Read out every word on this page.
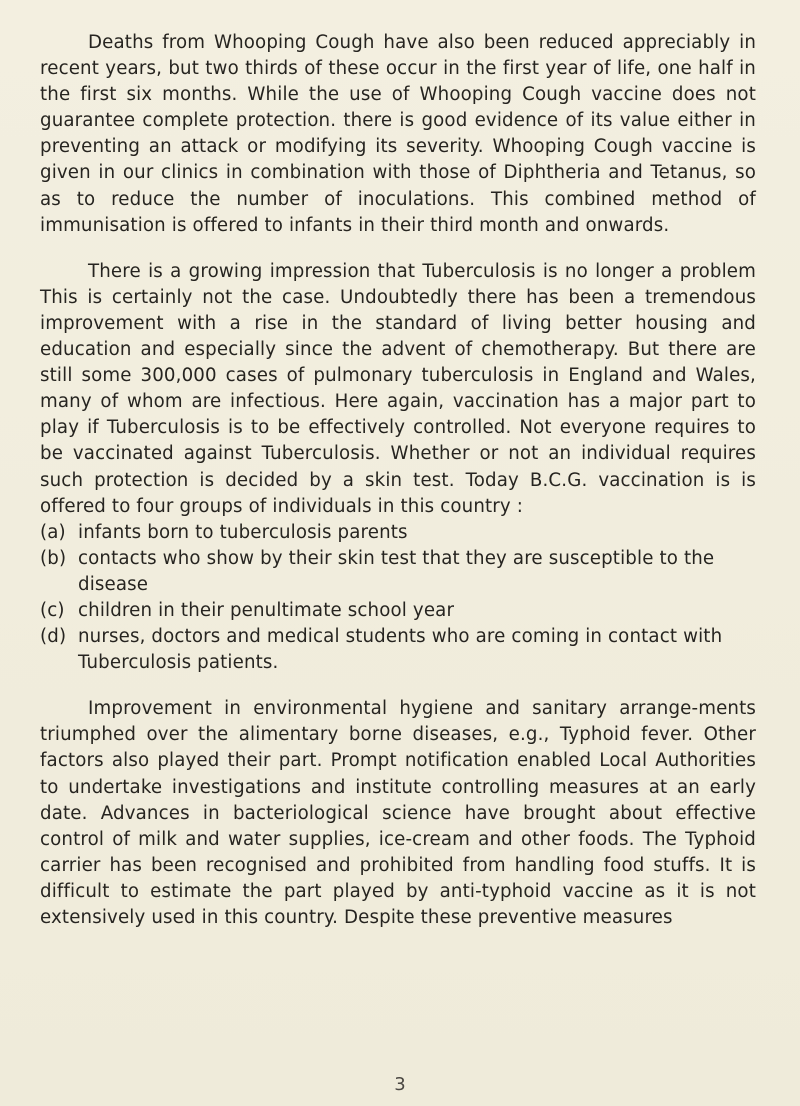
Deaths from Whooping Cough have also been reduced appreciably in recent years, but two thirds of these occur in the first year of life, one half in the first six months. While the use of Whooping Cough vaccine does not guarantee complete protection. there is good evidence of its value either in preventing an attack or modifying its severity. Whooping Cough vaccine is given in our clinics in combination with those of Diphtheria and Tetanus, so as to reduce the number of inoculations. This combined method of immunisation is offered to infants in their third month and onwards.

There is a growing impression that Tuberculosis is no longer a problem This is certainly not the case. Undoubtedly there has been a tremendous improvement with a rise in the standard of living better housing and education and especially since the advent of chemotherapy. But there are still some 300,000 cases of pulmonary tuberculosis in England and Wales, many of whom are infectious. Here again, vaccination has a major part to play if Tuberculosis is to be effectively controlled. Not everyone requires to be vaccinated against Tuberculosis. Whether or not an individual requires such protection is decided by a skin test. Today B.C.G. vaccination is is offered to four groups of individuals in this country :

(a) infants born to tuberculosis parents
(b) contacts who show by their skin test that they are susceptible to the disease
(c) children in their penultimate school year
(d) nurses, doctors and medical students who are coming in contact with Tuberculosis patients.

Improvement in environmental hygiene and sanitary arrange-ments triumphed over the alimentary borne diseases, e.g., Typhoid fever. Other factors also played their part. Prompt notification enabled Local Authorities to undertake investigations and institute controlling measures at an early date. Advances in bacteriological science have brought about effective control of milk and water supplies, ice-cream and other foods. The Typhoid carrier has been recognised and prohibited from handling food stuffs. It is difficult to estimate the part played by anti-typhoid vaccine as it is not extensively used in this country. Despite these preventive measures

3
